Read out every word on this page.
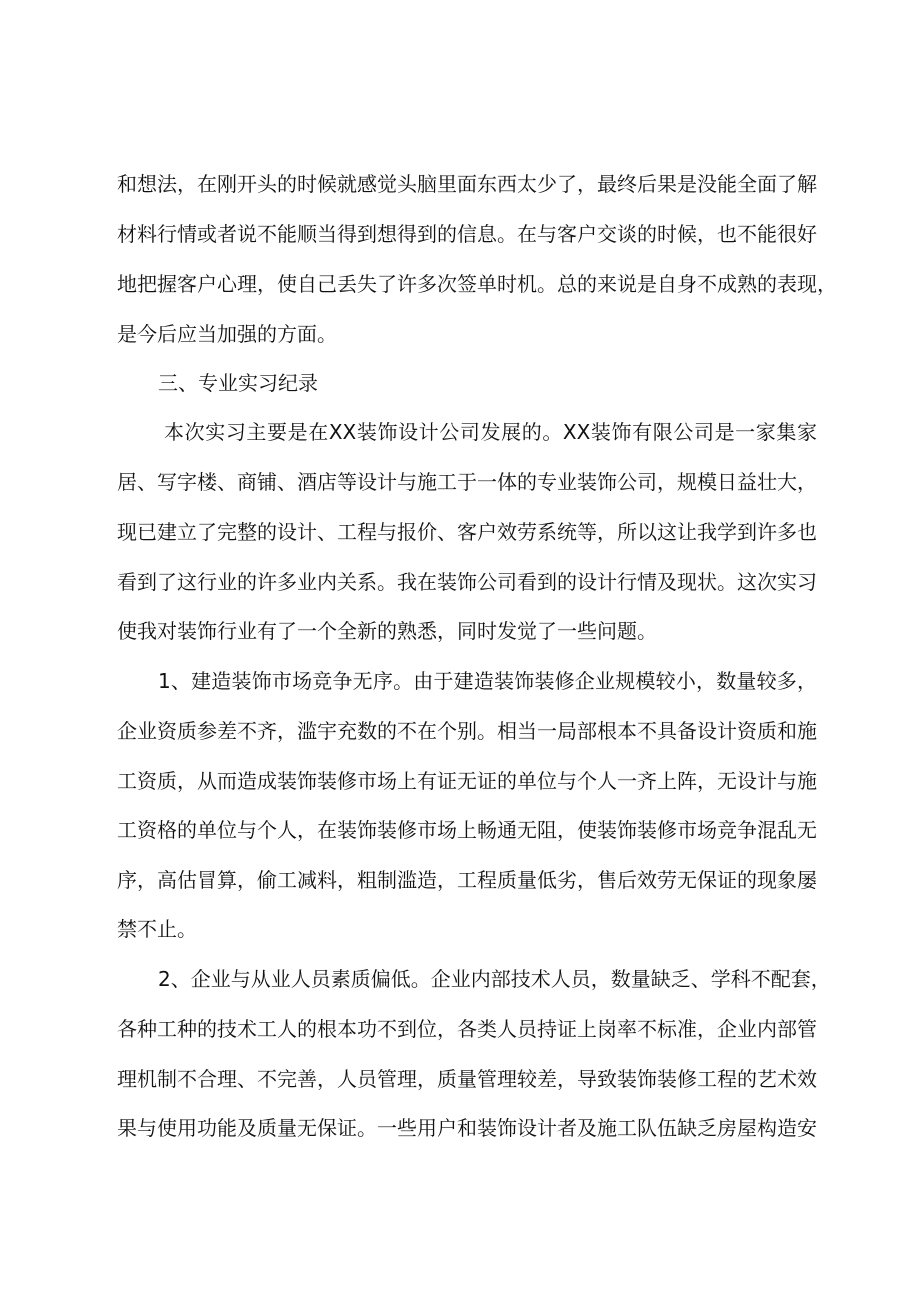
和想法，在刚开头的时候就感觉头脑里面东西太少了，最终后果是没能全面了解
材料行情或者说不能顺当得到想得到的信息。在与客户交谈的时候，也不能很好
地把握客户心理，使自己丢失了许多次签单时机。总的来说是自身不成熟的表现，
是今后应当加强的方面。
三、专业实习纪录
本次实习主要是在XX装饰设计公司发展的。XX装饰有限公司是一家集家
居、写字楼、商铺、酒店等设计与施工于一体的专业装饰公司，规模日益壮大，
现已建立了完整的设计、工程与报价、客户效劳系统等，所以这让我学到许多也
看到了这行业的许多业内关系。我在装饰公司看到的设计行情及现状。这次实习
使我对装饰行业有了一个全新的熟悉，同时发觉了一些问题。
1、建造装饰市场竞争无序。由于建造装饰装修企业规模较小，数量较多，
企业资质参差不齐，滥宇充数的不在个别。相当一局部根本不具备设计资质和施
工资质，从而造成装饰装修市场上有证无证的单位与个人一齐上阵，无设计与施
工资格的单位与个人，在装饰装修市场上畅通无阻，使装饰装修市场竞争混乱无
序，高估冒算，偷工减料，粗制滥造，工程质量低劣，售后效劳无保证的现象屡
禁不止。
2、企业与从业人员素质偏低。企业内部技术人员，数量缺乏、学科不配套，
各种工种的技术工人的根本功不到位，各类人员持证上岗率不标准，企业内部管
理机制不合理、不完善，人员管理，质量管理较差，导致装饰装修工程的艺术效
果与使用功能及质量无保证。一些用户和装饰设计者及施工队伍缺乏房屋构造安
